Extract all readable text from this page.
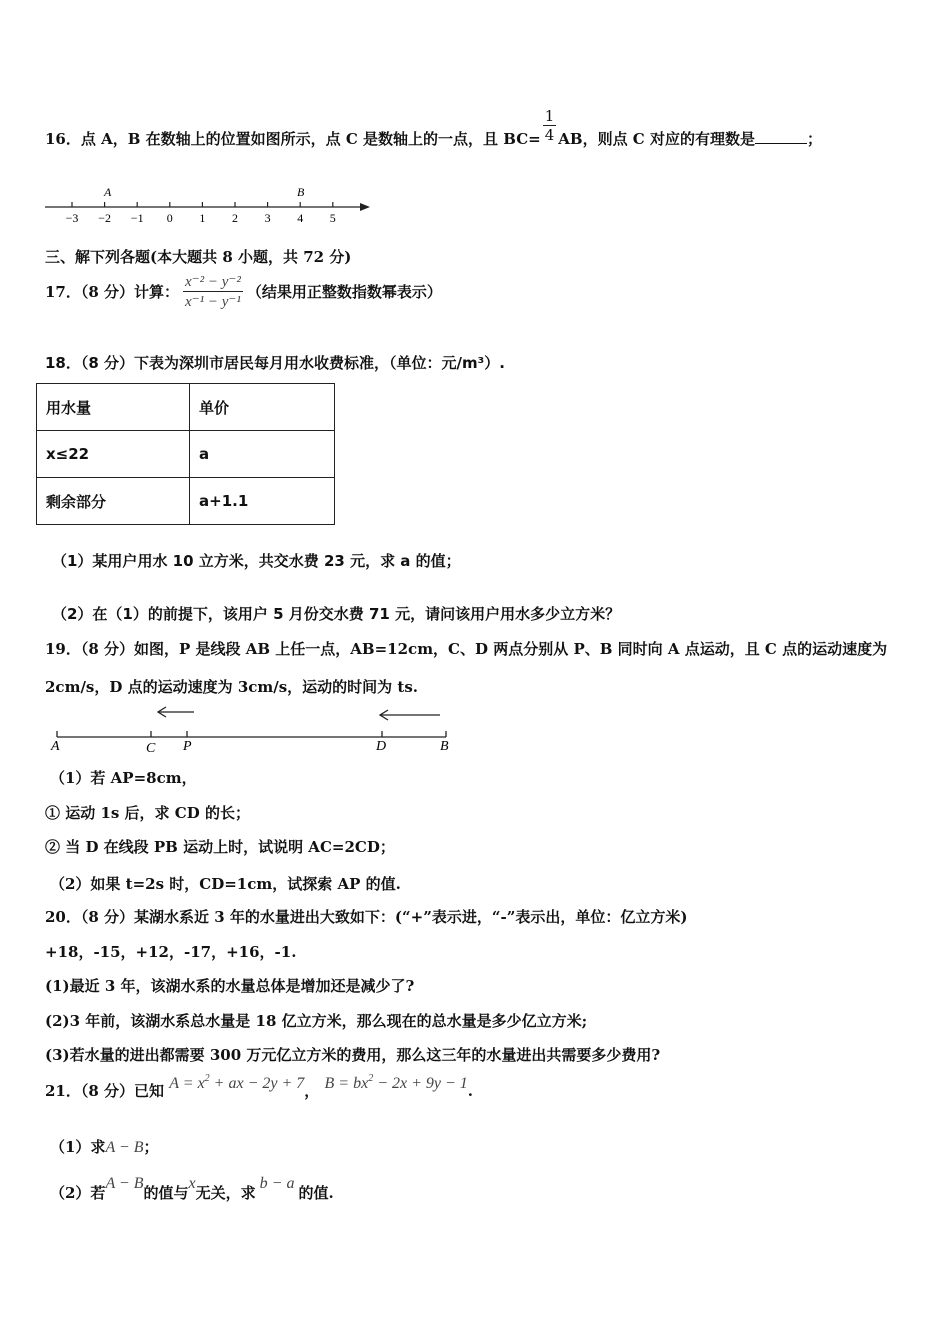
16．点 A，B 在数轴上的位置如图所示，点 C 是数轴上的一点，且 $BC= \frac{1}{4}$ AB，则点 C 对应的有理数是	；
−3 −2 −1 0 1 2 3 4 5
A	B
A	C P	D	B
三、解下列各题(本大题共 8 小题，共 72 分)
17．（8 分）计算： $\frac{\text{x⁻² − y⁻²}}{\text{x⁻¹ − y⁻¹}}$ （结果用正整数指数幂表示）
18．（8 分）下表为深圳市居民每月用水收费标准，（单位：元/m³）.
用水量	单价
x≤22	a
剩余部分	a+1.1
（1）某用户用水 10 立方米，共交水费 23 元，求 a 的值；
（2）在（1）的前提下，该用户 5 月份交水费 71 元，请问该用户用水多少立方米？
19．（8 分）如图，P 是线段 AB 上任一点，AB=12cm，C、D 两点分别从 P、B 同时向 A 点运动，且 C 点的运动速度为
2cm/s，D 点的运动速度为 3cm/s，运动的时间为 ts.
（1）若 AP=8cm，
① 运动 1s 后，求 CD 的长；
② 当 D 在线段 PB 运动上时，试说明 AC=2CD；
（2）如果 t=2s 时，CD=1cm，试探索 AP 的值.
20．（8 分）某湖水系近 3 年的水量进出大致如下：(“+”表示进，“-”表示出，单位：亿立方米)
+18，-15，+12，-17，+16，-1.
(1)最近 3 年，该湖水系的水量总体是增加还是减少了?
(2)3 年前，该湖水系总水量是 18 亿立方米，那么现在的总水量是多少亿立方米;
(3)若水量的进出都需要 300 万元亿立方米的费用，那么这三年的水量进出共需要多少费用?
21．（8 分）已知 $A = x^2$ + ax − 2y + 7， $B = bx^2 - 2x + 9y - 1$.
（1）求A − B；
（2）若A − B的值与x无关，求b − a的值.
